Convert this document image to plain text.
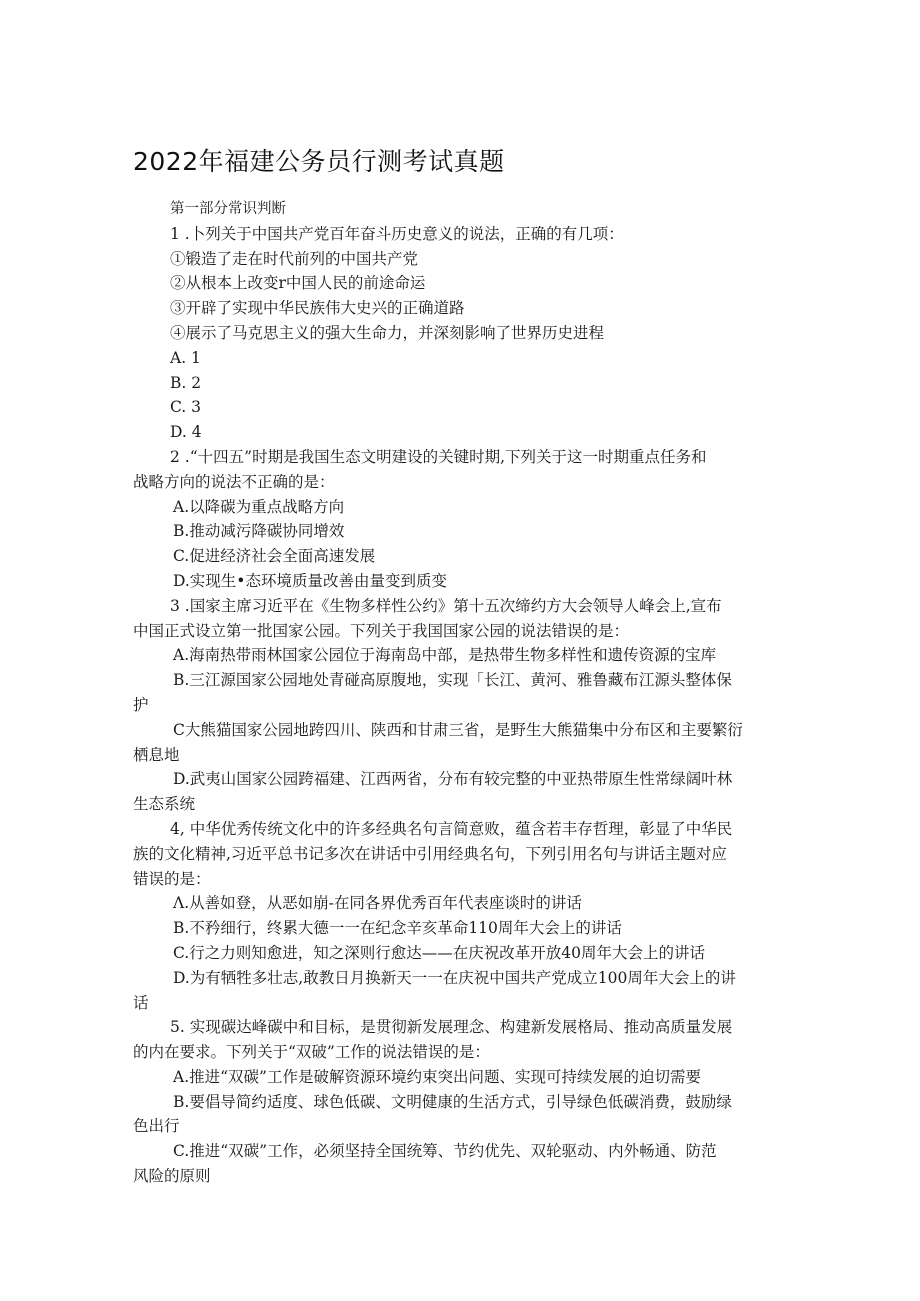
2022年福建公务员行测考试真题
第一部分常识判断
1 .卜列关于中国共产党百年奋斗历史意义的说法，正确的有几项：
①锻造了走在时代前列的中国共产党
②从根本上改变r中国人民的前途命运
③开辟了实现中华民族伟大史兴的正确道路
④展示了马克思主义的强大生命力，并深刻影响了世界历史进程
A. 1
B. 2
C. 3
D. 4
2 .“十四五”时期是我国生态文明建设的关键时期,下列关于这一时期重点任务和
战略方向的说法不正确的是：
A.以降碳为重点战略方向
B.推动减污降碳协同增效
C.促进经济社会全面高速发展
D.实现生•态环境质量改善由量变到质变
3 .国家主席习近平在《生物多样性公约》第十五次缔约方大会领导人峰会上,宣布
中国正式设立第一批国家公园。下列关于我国国家公园的说法错误的是：
A.海南热带雨林国家公园位于海南岛中部，是热带生物多样性和遗传资源的宝库
B.三江源国家公园地处青碰高原腹地，实现「长江、黄河、雅鲁藏布江源头整体保
护
C大熊猫国家公园地跨四川、陕西和甘肃三省，是野生大熊猫集中分布区和主要繁衍
栖息地
D.武夷山国家公园跨福建、江西两省，分布有较完整的中亚热带原生性常绿阔叶林
生态系统
4, 中华优秀传统文化中的许多经典名句言简意败，蕴含若丰存哲理，彰显了中华民
族的文化精神,习近平总书记多次在讲话中引用经典名句，下列引用名句与讲话主题对应
错误的是：
Λ.从善如登，从恶如崩-在同各界优秀百年代表座谈时的讲话
B.不矜细行，终累大德一一在纪念辛亥革命110周年大会上的讲话
C.行之力则知愈进，知之深则行愈达——在庆祝改革开放40周年大会上的讲话
D.为有牺牲多壮志,敢教日月换新天一一在庆祝中国共产党成立100周年大会上的讲
话
5. 实现碳达峰碳中和目标，是贯彻新发展理念、构建新发展格局、推动高质量发展
的内在要求。下列关于“双破”工作的说法错误的是：
A.推进“双碳”工作是破解资源环境约束突出问题、实现可持续发展的迫切需要
B.要倡导简约适度、球色低碳、文明健康的生活方式，引导绿色低碳消费，鼓励绿
色出行
C.推进“双碳”工作，必须坚持全国统筹、节约优先、双轮驱动、内外畅通、防范
风险的原则
